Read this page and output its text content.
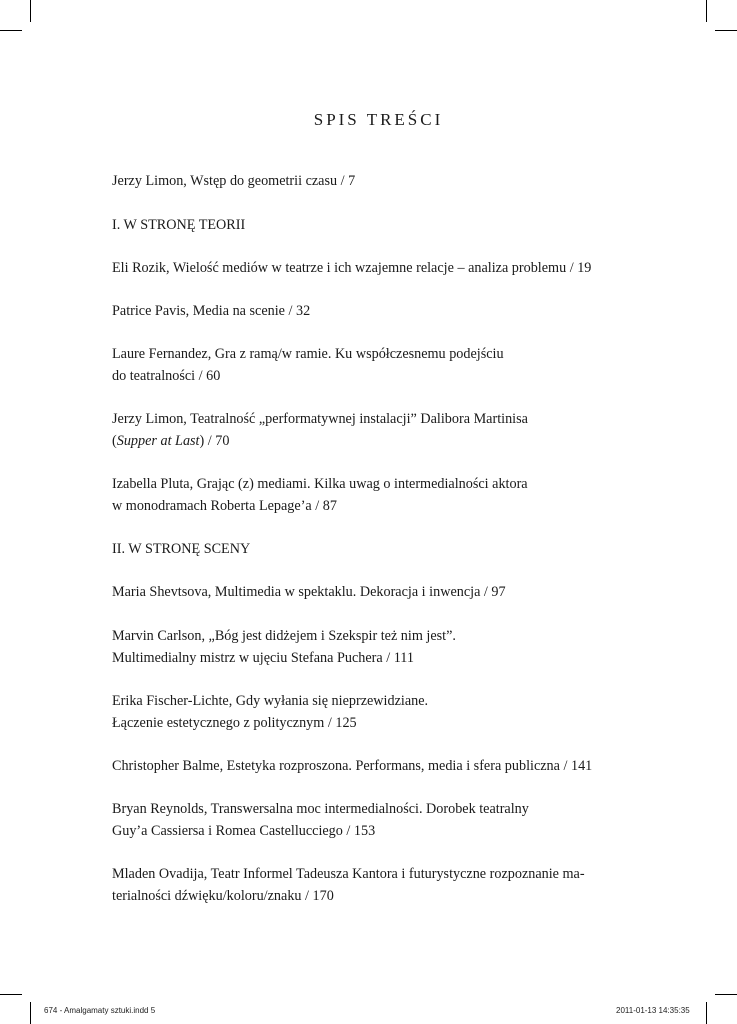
SPIS TREŚCI
Jerzy Limon, Wstęp do geometrii czasu / 7
I. W STRONĘ TEORII
Eli Rozik, Wielość mediów w teatrze i ich wzajemne relacje – analiza problemu / 19
Patrice Pavis, Media na scenie / 32
Laure Fernandez, Gra z ramą/w ramie. Ku współczesnemu podejściu
do teatralności / 60
Jerzy Limon, Teatralność „performatywnej instalacji” Dalibora Martinisa
(Supper at Last) / 70
Izabella Pluta, Grając (z) mediami. Kilka uwag o intermedialności aktora
w monodramach Roberta Lepage’a / 87
II. W STRONĘ SCENY
Maria Shevtsova, Multimedia w spektaklu. Dekoracja i inwencja / 97
Marvin Carlson, „Bóg jest didżejem i Szekspir też nim jest”.
Multimedialny mistrz w ujęciu Stefana Puchera / 111
Erika Fischer-Lichte, Gdy wyłania się nieprzewidziane.
Łączenie estetycznego z politycznym / 125
Christopher Balme, Estetyka rozproszona. Performans, media i sfera publiczna / 141
Bryan Reynolds, Transwersalna moc intermedialności. Dorobek teatralny
Guy’a Cassiersa i Romea Castellucciego / 153
Mladen Ovadija, Teatr Informel Tadeusza Kantora i futurystyczne rozpoznanie ma-
terialności dźwięku/koloru/znaku / 170
674 - Amalgamaty sztuki.indd 5	2011-01-13 14:35:35
